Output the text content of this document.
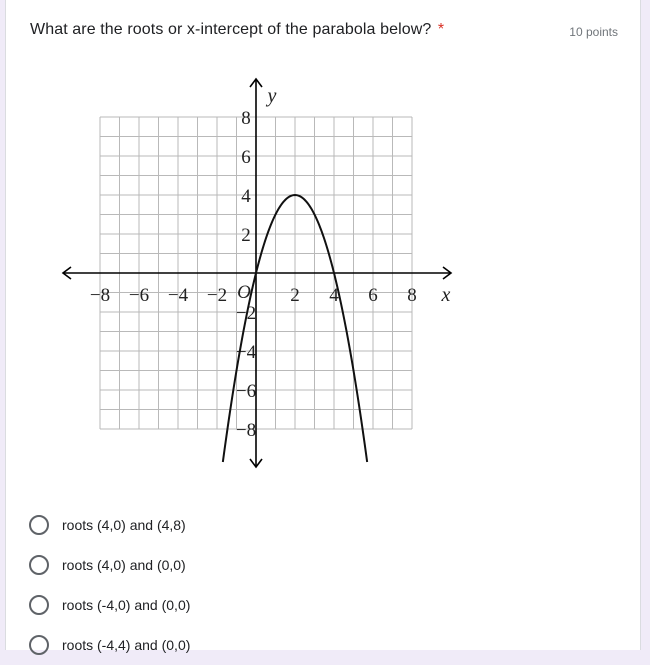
What are the roots or x-intercept of the parabola below? *	10 points
−8 −6 −4 −2	2 4 6 8
8
6
4
2
−2
−4
−6
−8
O	x
y
roots (4,0) and (4,8)
roots (4,0) and (0,0)
roots (-4,0) and (0,0)
roots (-4,4) and (0,0)
